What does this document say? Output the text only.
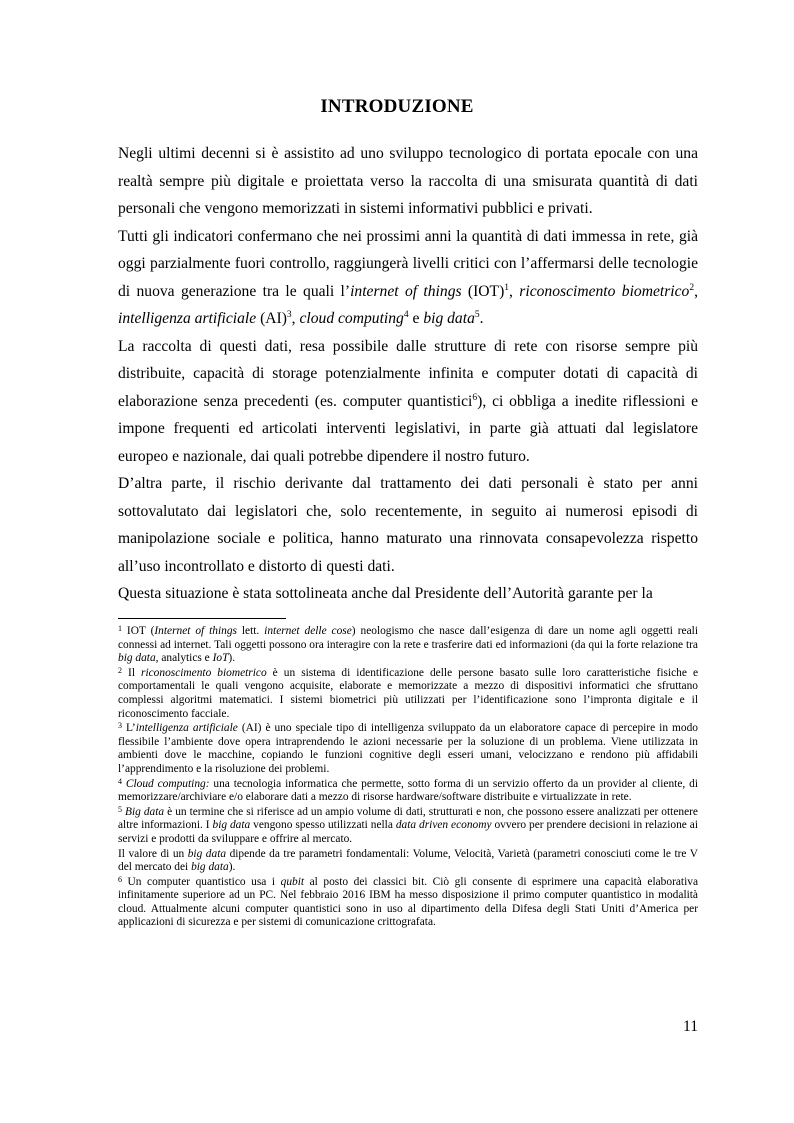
INTRODUZIONE

Negli ultimi decenni si è assistito ad uno sviluppo tecnologico di portata epocale con una realtà sempre più digitale e proiettata verso la raccolta di una smisurata quantità di dati personali che vengono memorizzati in sistemi informativi pubblici e privati.

Tutti gli indicatori confermano che nei prossimi anni la quantità di dati immessa in rete, già oggi parzialmente fuori controllo, raggiungerà livelli critici con l’affermarsi delle tecnologie di nuova generazione tra le quali l’internet of things (IOT)$^1$, riconoscimento biometrico$^2$, intelligenza artificiale (AI)$^3$, cloud computing$^4$ e big data$^5$.

La raccolta di questi dati, resa possibile dalle strutture di rete con risorse sempre più distribuite, capacità di storage potenzialmente infinita e computer dotati di capacità di elaborazione senza precedenti (es. computer quantistici$^6$), ci obbliga a inedite riflessioni e impone frequenti ed articolati interventi legislativi, in parte già attuati dal legislatore europeo e nazionale, dai quali potrebbe dipendere il nostro futuro.

D’altra parte, il rischio derivante dal trattamento dei dati personali è stato per anni sottovalutato dai legislatori che, solo recentemente, in seguito ai numerosi episodi di manipolazione sociale e politica, hanno maturato una rinnovata consapevolezza rispetto all’uso incontrollato e distorto di questi dati.

Questa situazione è stata sottolineata anche dal Presidente dell’Autorità garante per la

$^1$ IOT (Internet of things lett. internet delle cose) neologismo che nasce dall’esigenza di dare un nome agli oggetti reali connessi ad internet. Tali oggetti possono ora interagire con la rete e trasferire dati ed informazioni (da qui la forte relazione tra big data, analytics e IoT).

$^2$ Il riconoscimento biometrico è un sistema di identificazione delle persone basato sulle loro caratteristiche fisiche e comportamentali le quali vengono acquisite, elaborate e memorizzate a mezzo di dispositivi informatici che sfruttano complessi algoritmi matematici. I sistemi biometrici più utilizzati per l’identificazione sono l’impronta digitale e il riconoscimento facciale.

$^3$ L’intelligenza artificiale (AI) è uno speciale tipo di intelligenza sviluppato da un elaboratore capace di percepire in modo flessibile l’ambiente dove opera intraprendendo le azioni necessarie per la soluzione di un problema. Viene utilizzata in ambienti dove le macchine, copiando le funzioni cognitive degli esseri umani, velocizzano e rendono più affidabili l’apprendimento e la risoluzione dei problemi.

$^4$ Cloud computing: una tecnologia informatica che permette, sotto forma di un servizio offerto da un provider al cliente, di memorizzare/archiviare e/o elaborare dati a mezzo di risorse hardware/software distribuite e virtualizzate in rete.

$^5$ Big data è un termine che si riferisce ad un ampio volume di dati, strutturati e non, che possono essere analizzati per ottenere altre informazioni. I big data vengono spesso utilizzati nella data driven economy ovvero per prendere decisioni in relazione ai servizi e prodotti da sviluppare e offrire al mercato.

Il valore di un big data dipende da tre parametri fondamentali: Volume, Velocità, Varietà (parametri conosciuti come le tre V del mercato dei big data).

$^6$ Un computer quantistico usa i qubit al posto dei classici bit. Ciò gli consente di esprimere una capacità elaborativa infinitamente superiore ad un PC. Nel febbraio 2016 IBM ha messo disposizione il primo computer quantistico in modalità cloud. Attualmente alcuni computer quantistici sono in uso al dipartimento della Difesa degli Stati Uniti d’America per applicazioni di sicurezza e per sistemi di comunicazione crittografata.

11
